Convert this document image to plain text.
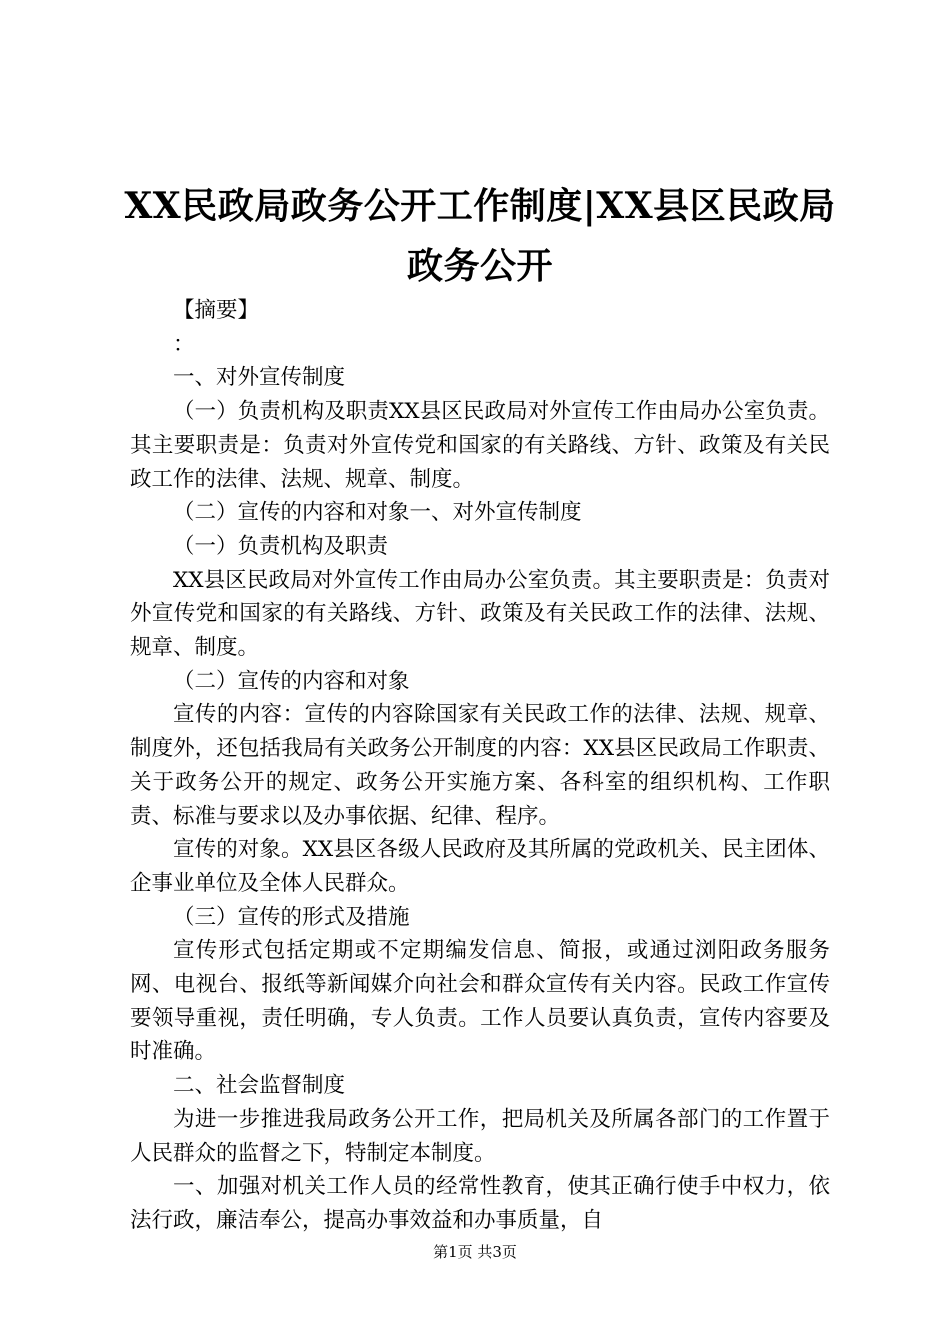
XX民政局政务公开工作制度|XX县区民政局政务公开

【摘要】

：

一、对外宣传制度

（一）负责机构及职责XX县区民政局对外宣传工作由局办公室负责。其主要职责是：负责对外宣传党和国家的有关路线、方针、政策及有关民政工作的法律、法规、规章、制度。

（二）宣传的内容和对象一、对外宣传制度

（一）负责机构及职责

XX县区民政局对外宣传工作由局办公室负责。其主要职责是：负责对外宣传党和国家的有关路线、方针、政策及有关民政工作的法律、法规、规章、制度。

（二）宣传的内容和对象

宣传的内容：宣传的内容除国家有关民政工作的法律、法规、规章、制度外，还包括我局有关政务公开制度的内容：XX县区民政局工作职责、关于政务公开的规定、政务公开实施方案、各科室的组织机构、工作职责、标准与要求以及办事依据、纪律、程序。

宣传的对象。XX县区各级人民政府及其所属的党政机关、民主团体、企事业单位及全体人民群众。

（三）宣传的形式及措施

宣传形式包括定期或不定期编发信息、简报，或通过浏阳政务服务网、电视台、报纸等新闻媒介向社会和群众宣传有关内容。民政工作宣传要领导重视，责任明确，专人负责。工作人员要认真负责，宣传内容要及时准确。

二、社会监督制度

为进一步推进我局政务公开工作，把局机关及所属各部门的工作置于人民群众的监督之下，特制定本制度。

一、加强对机关工作人员的经常性教育，使其正确行使手中权力，依法行政，廉洁奉公，提高办事效益和办事质量，自

第1页 共3页
